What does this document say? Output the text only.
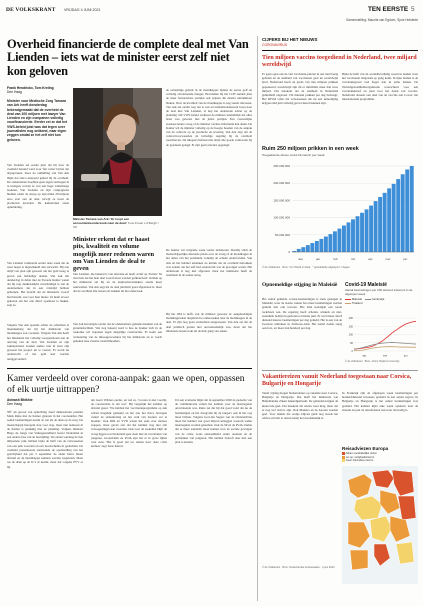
DE VOLKSKRANT VRIJDAG 4 JUNI 2021	TEN EERSTE 5
Samenstelling: Maurits van Egdom, Sjors Hofstede
Overheid financierde de complete deal met Van Lienden – iets wat de minister eerst zelf niet kon geloven
Frank Hendrickx, Tom Kreling
Den Haag
Minister voor Medische Zorg Tamara van Ark heeft donderdag bekendgemaakt dat de overheid de deal van 100 miljoen met lawyer Van Lienden en zijn companen volledig voorfinancierde. Eerder zei ze dat het VWS-beleid juist was dat tegen over journalisten nog ontkend, naar eigen zeggen omdat ze het zelf niet kon geloven.
Van Lienden zei eerder juist dat hij door de overheid betaald werd voor 'fair value' bij het dat afgesproken. Door de onthulling van Van Ark blijkt dat risico uiteraard geheel bij de overheid. De ondernemers hoefden geen eigen vermogen in te brengen, terwijl ze wel een hoge winstmarge boekten. Van Lienden en zijn compagnons hielden onder de streep op zijn minst 28 miljoen euro over aan de deal, terwijl ze nooit de producten leverden. De kamerleden eisen opheldering.
Van Lienden verklaarde eerder deze week dat de weer hoger is ingewikkeld dan verwacht. Hij zou altijd van plan zijn geweest om het geld terug te geven aan liefdadige doelen. Van Ark liet donderdag in debat met de Tweede Kamer weten dat hij nog dankbaarheid verschuldigd is aan de ondernemers die in een crisistijd hebben geholpen. Het bericht dat de ministerie vooraf had betaald, was voor haar nieuw. Ze heeft ervoor gekozen om het ook direct openbaar te maken, zegt ze.
Volgens Van Ark speelde achter de schermen al maandenlang dat hij het ministerie van mondkapjes zou voorzien. Volgens Van Ark heeft het ministerie het volledig voorgeschoten aan de omvang van de deal. Van Lienden en zijn zakenpartners zouden anders niet in staat zijn geweest het project uit te voeren. Er wordt nu onderzocht of het geld kan worden teruggevorderd.
Minister Tamara van Ark: 'Er loopt een accountantsonderzoek naar de deal.' Foto Freek v.d Bergh / VK
Minister erkent dat er haast pits, kwaliteit en volume mogelijk meer redenen waren om Van Lienden de deal te geven
Van Lienden, die bekend is van televisie en heeft actief op Twitter: 'Ik vind niet dat het hele deal vooraf moet worden gefinancierd'. Kritiek op het ministerie zal hij en de kapitaalverstrekkers steeds meer aanzwellen. Van Ark zegt dat de deal juridisch goed afgesloten is, maar dat de overheid alle lessen zal trekken uit het onderzoek.
Van Ark bevestigde verder dat de ondernemers gebruik maakten van de garantiefaciliteit. Wat nog bekend werd is hoe de Kamer zich in de toekomst wil wapenen tegen dergelijke constructies. Er komt een verbetering van de inkoopprocedures bij het ministerie en er wordt gekeken naar externe toezichthouders.
de eenzeldige gebrek in de mondkapjes tijdens de eerste golf en volledig onvoldoende marges. Bovendien bij het LCH stelden juist de meer betrouwbare partijen ook prijzen die daarna onbruikbaar bleken. Over de kwaliteit van de mondkapjes is nog steeds discussie. Van Ark zei eerder nog dat er een accountantsonderzoek loopt naar de deal met Van Lienden, al liep het onderzoek achter op de planning. Dit VWS-beleid verklaart de minister uiteindelijk dat alles beter was geweest met de juiste partijen. Een vrouwelijke staatssecretaris vroeg of de minister verdere informatie kan delen. De Kamer wil de minister volledig op de hoogte houden van de aanpak van de controle op de productie en levering. Van Ark zegt dat de contractvoorwaarden de volledige regeling bij de overheid toeschreven. De inkopers hebben niet altijd alle goede contracten bij de goederen gelegd. Er zijn geen sancties opgelegd.
De Kamer wil volgende week verder debatteren. Daarbij vindt de maatschappelijke discussie plaats over de vraag of de mondkapjes in het debat van het parlement volledig de schade ondervonden. Van Ark en het kabinet erkennen de kritiek dat de overheid betrokken was zonder dat het zelf had onderzocht wat de gevolgen waren. Het onderzoek is nog niet afgerond, maar het ministerie heeft de resultaten in de zomer terug.
Bij het OM is hoffs van de minister geweest de aangekondigde mondkapjesdeal uitgebreid te onderzoeken naar de mondkapjes in de deal. Er zijn nog geen verdachten aangewezen. Van Ark zei dat de deal juridisch gezien niet onoverkomelijk was, maar dat het ministerie lessen trekt uit de hele gang van zaken.
CIJFERS BIJ HET NIEUWS
CORONAVIRUS
Tien miljoen vaccins toegediend in Nederland, twee miljard wereldwijd
Er gaan ogen een de viel vaccinatie-piloten in ons land bezig gebeten en de snelheid van vaccineren gaat nu wereldwijd hard. Nederland heeft de grens van tien miljoen prikken gepasseerd, wereldwijd zijn dit er inmiddels meer dan twee miljard. Dat betekent dat de snelheid in Nederland gemiddeld ongeveer 150 duizend prikken per dag bedraagt. Het RIVM schat dat volwassenen die nu een uitnodiging krijgen eind juni volledig gevaccineerd kunnen zijn.
Bijna de helft van de wereldbevolking woont in landen waar het vaccineren langzaam op gang komt. In rijke landen is de vaccinatiegraad veel hoger dan in arme landen. De Wereldgezondheidsorganisatie waarschuwt voor een vaccinatiekloof en pleit voor het delen van vaccins. Nederland doneert een deel van de vaccins aan Covax, het internationale programma.
Ruim 250 miljoen prikken in een week
Toegediende doses covid-19-vaccin per week
0
50.000.000
100.000.000
150.000.000
200.000.000
250.000.000
dec	jan	feb	mrt	apr	mei	jun
© de Volkskrant · Bron: Our World in Data · * gemiddelde afgelopen 7 dagen
Opnemeldige stijging in Maleisië
Het aantal gemelde corona-besmettingen is sterk gestegen in Maleisië, waar de laatste weken fors meer besmettingen werden gemeld dan ooit tevoren. Het land kondigde een totale lockdown aan. De regering heeft scholen, winkels en niet-essentiële bedrijven gesloten tot medio juni. Er werd meer dan 8 duizend nieuwe besmettingen per dag gemeld. Het is een van de zwaarste uitbraken in Zuidoost-Azië. Het aantal doden steeg ook fors, tot meer dan honderd per dag.
Covid-19 Maleisië
Aantal besmettingen per 100 duizend inwoners in de afgelopen week
Maleisië	Cambodja
Thailand
0
50
100
150
200
apr	mei	jun
© de Volkskrant · Bron: Johns Hopkins University
Vakantiereizen vanuit Nederland toegestaan naar Corsica, Bulgarije en Hongarije
Vanaf vrijdag mogen Nederlanders op vakantie naar Corsica, Bulgarije en Hongarije. Dat heeft het ministerie van Buitenlandse Zaken bekendgemaakt. De gebieden krijgen de kleurcode geel. Dat betekent dat reizen weer mag, maar dat er nog wel risico's zijn. Ook Madeira en de Azoren worden geel. Voor landen die oranje blijven geldt nog steeds het advies om niet te reizen tenzij het noodzakelijk is.
In Frankrijk zijn de afgelopen week besmettingen per honderdduizend inwoners gedaald in een aantal regio's. In Bulgarije en Hongarije is het aantal besmettingen fors gedaald. Het kabinet kijkt elke week opnieuw naar de situatie en past de reisadviezen aan waar dat nodig is.
Reisadviezen Europa
Alleen noodzakelijke reizen
Let op: veiligheidsrisico's
Geen bijzondere risico's
© de Volkskrant · Bron: Nederlandse Ambassades · 4 juni 2021
Kamer verdeeld over corona-aanpak: gaan we open, oppassen of elk uurtje uittrappen?
Avinash Bhikhie
Den Haag
'Pff' als gevoel van opluchting dreef demissionair premier Mark Rutte met de Kamer gisteren in het coronadebat. Het aantal besmettingen neemt af, net als de druk op de zorg. De maatschappij heropent stap voor stap, maar niet iedereen in de Kamer is gelukkig met de planning. Volgens minister Hugo de Jonge van Volksgezondheid bouwt Nederland in een andere fase van de bestrijding. We zetten vandaag de tien miljoenste prik, hebben bijna de helft van de volwassenen van een prik voorzien en een boostschema in gedachten. De overheid presenteerde aanstaande de openstelling van het gastvrijheid dat per 5 september de ander halve meter afstand en de mondkapjes kunnen worden losgelaten. Maar toe de druk op de IC's af neemt, moet dat volgens PVV er bij.
der Geert Wilders eerder, en wel zo. 'Corona is niet voorbij, de coronacrisis is dat wel.' Hij vergelijkt het kabinet op afstand gezet. 'We hebben het vaccinatieprogramma op één schaal mogelijk gemaakt en het zou het risico bewegen vanuit de samenleving en het volk van bestuur ver te houden.' Ook D66 en VVD waren het eens over nieuwe stappen, maar gaven aan dat het kabinet nog niet alle versoepelingen kan overzien. Ook voor de toekomst blijft de vraag liggen wat Nederland gaat doen met de vaccinaties van jongeren. GroenLinks en PvdA zijn het er in grote lijnen over eens. 'Het is goed dat we samen door deze crisis komen,' zegt Jesse Klaver.
Uit een evaluatie blijkt dat in september 2020 de gedeelte van de communicatie vanuit het kabinet over de maatregelen onvoldoende was. Rutte zei dat hij dat goed vond dat nu de beslissingen en het draagvlak bij de burgers ook in het oog moet blijven. Volgens Gert-Jan Segers van de ChristenUnie moet het kabinet wel goed blijven uitleggen waarom welke maatregelen worden genomen. Ook de SP en de PvdA vinden dat er meer aandacht moet komen voor de sociale gevolgen van de crisis, zoals eenzaamheid onder ouderen en de problemen van jongeren. Het kabinet belooft daar met een plan te komen.
